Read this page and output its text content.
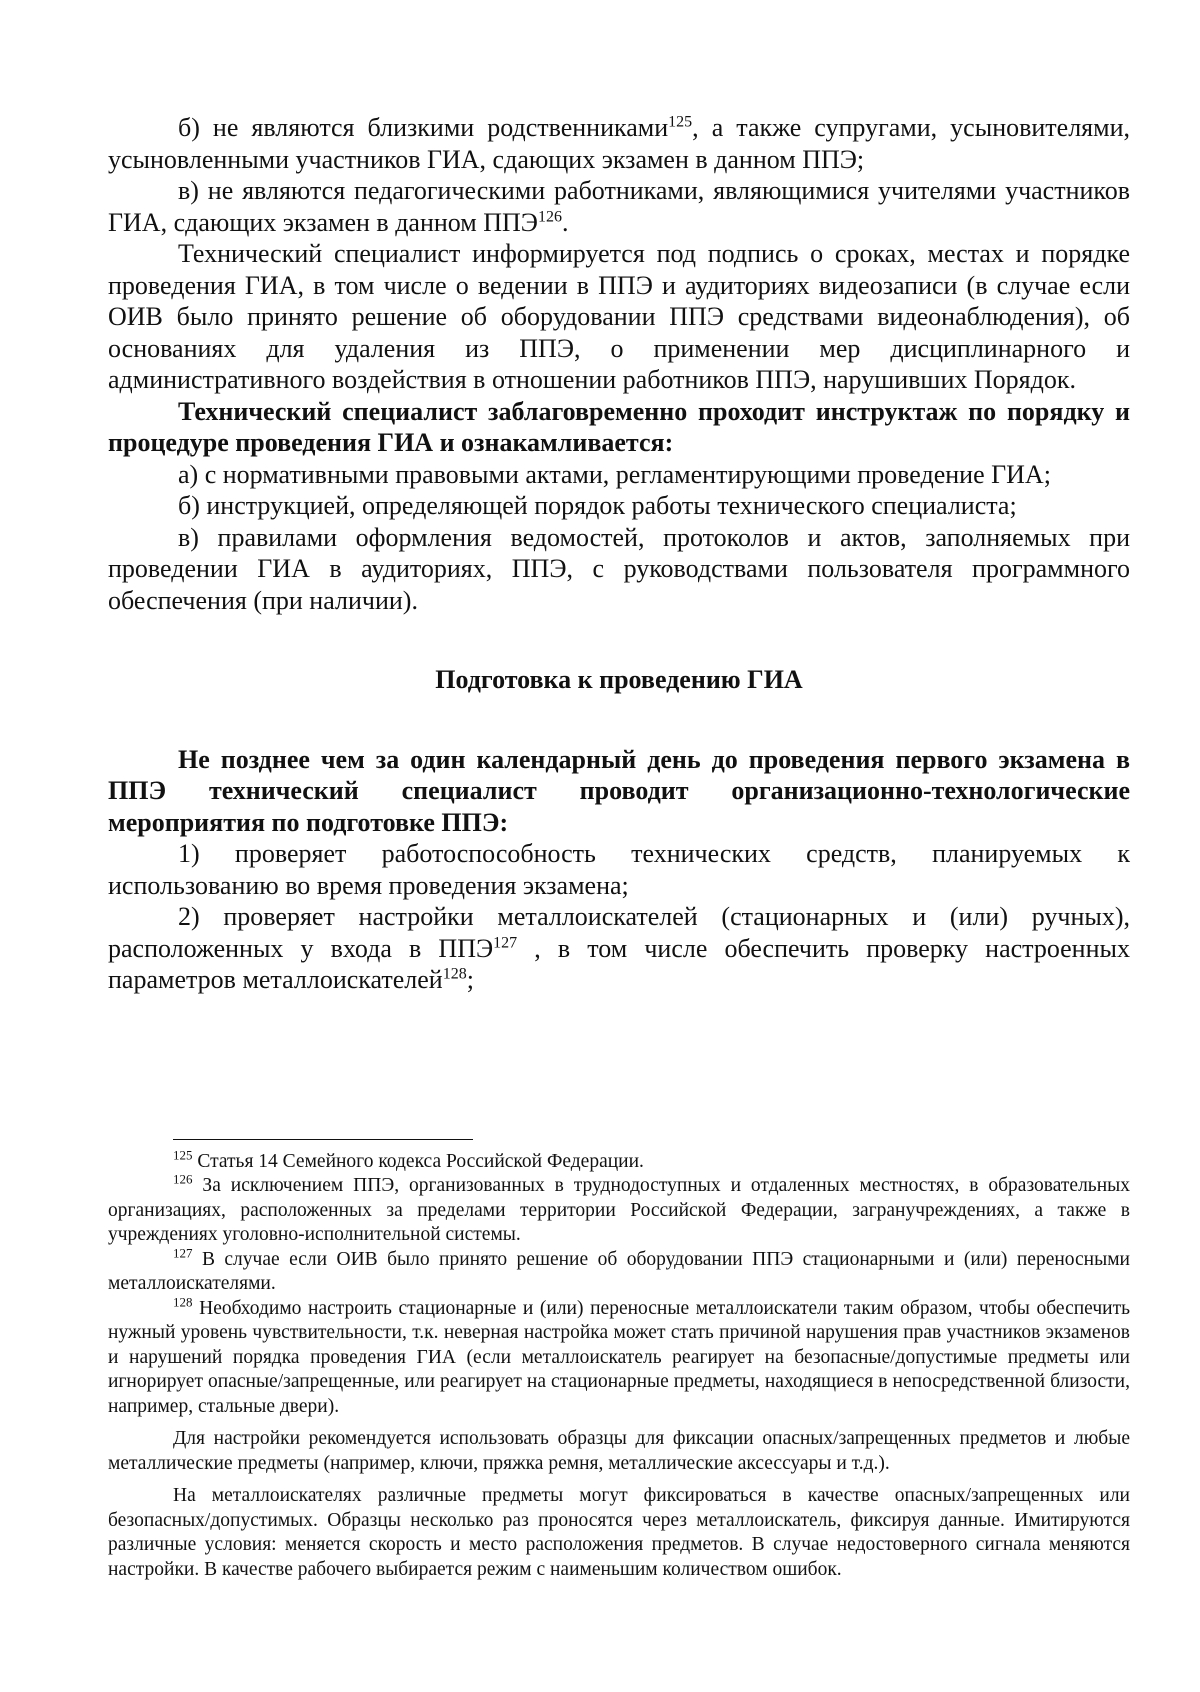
б) не являются близкими родственниками$^{125}$, а также супругами, усыновителями, усыновленными участников ГИА, сдающих экзамен в данном ППЭ;

в) не являются педагогическими работниками, являющимися учителями участников ГИА, сдающих экзамен в данном ППЭ$^{126}$.

Технический специалист информируется под подпись о сроках, местах и порядке проведения ГИА, в том числе о ведении в ППЭ и аудиториях видеозаписи (в случае если ОИВ было принято решение об оборудовании ППЭ средствами видеонаблюдения), об основаниях для удаления из ППЭ, о применении мер дисциплинарного и административного воздействия в отношении работников ППЭ, нарушивших Порядок.

Технический специалист заблаговременно проходит инструктаж по порядку и процедуре проведения ГИА и ознакамливается:

а) с нормативными правовыми актами, регламентирующими проведение ГИА;

б) инструкцией, определяющей порядок работы технического специалиста;

в) правилами оформления ведомостей, протоколов и актов, заполняемых при проведении ГИА в аудиториях, ППЭ, с руководствами пользователя программного обеспечения (при наличии).

Подготовка к проведению ГИА

Не позднее чем за один календарный день до проведения первого экзамена в ППЭ технический специалист проводит организационно-технологические мероприятия по подготовке ППЭ:

1) проверяет работоспособность технических средств, планируемых к использованию во время проведения экзамена;

2) проверяет настройки металлоискателей (стационарных и (или) ручных), расположенных у входа в ППЭ$^{127}$ , в том числе обеспечить проверку настроенных параметров металлоискателей$^{128}$;

$^{125}$ Статья 14 Семейного кодекса Российской Федерации.

$^{126}$ За исключением ППЭ, организованных в труднодоступных и отдаленных местностях, в образовательных организациях, расположенных за пределами территории Российской Федерации, загранучреждениях, а также в учреждениях уголовно-исполнительной системы.

$^{127}$ В случае если ОИВ было принято решение об оборудовании ППЭ стационарными и (или) переносными металлоискателями.

$^{128}$ Необходимо настроить стационарные и (или) переносные металлоискатели таким образом, чтобы обеспечить нужный уровень чувствительности, т.к. неверная настройка может стать причиной нарушения прав участников экзаменов и нарушений порядка проведения ГИА (если металлоискатель реагирует на безопасные/допустимые предметы или игнорирует опасные/запрещенные, или реагирует на стационарные предметы, находящиеся в непосредственной близости, например, стальные двери).

Для настройки рекомендуется использовать образцы для фиксации опасных/запрещенных предметов и любые металлические предметы (например, ключи, пряжка ремня, металлические аксессуары и т.д.).

На металлоискателях различные предметы могут фиксироваться в качестве опасных/запрещенных или безопасных/допустимых. Образцы несколько раз проносятся через металлоискатель, фиксируя данные. Имитируются различные условия: меняется скорость и место расположения предметов. В случае недостоверного сигнала меняются настройки. В качестве рабочего выбирается режим с наименьшим количеством ошибок.
